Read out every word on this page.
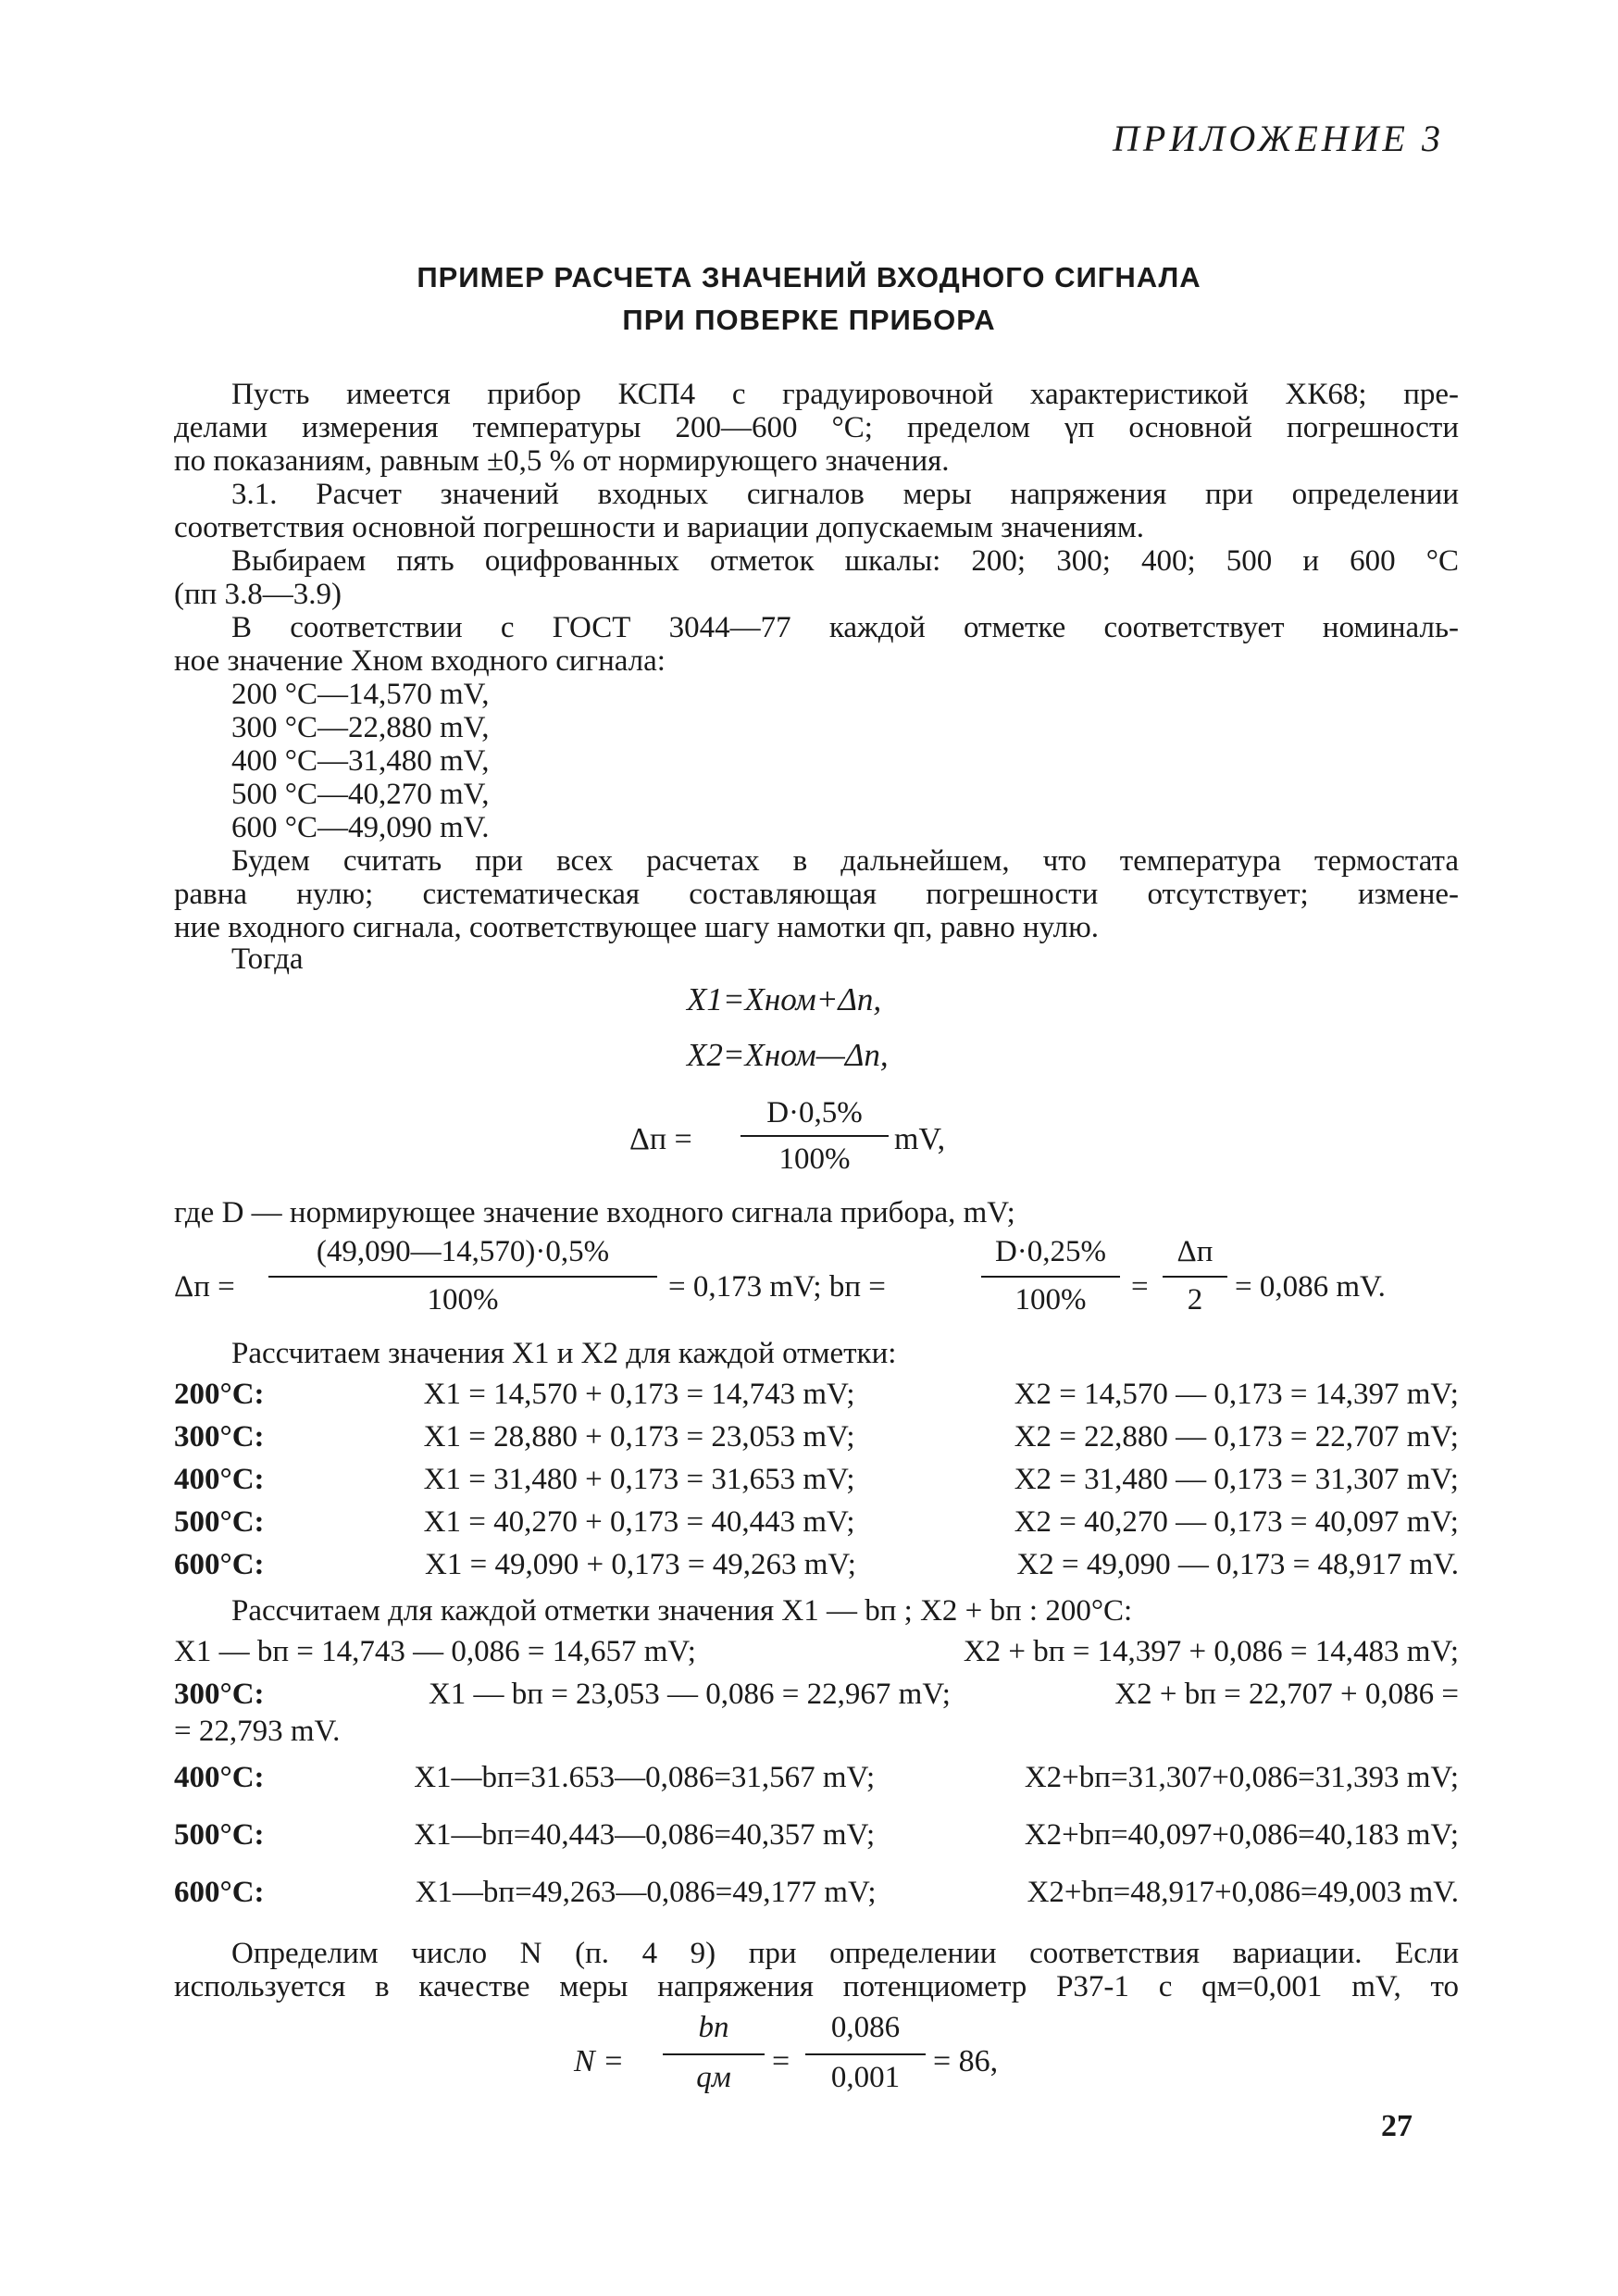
ПРИЛОЖЕНИЕ 3
ПРИМЕР РАСЧЕТА ЗНАЧЕНИЙ ВХОДНОГО СИГНАЛА
ПРИ ПОВЕРКЕ ПРИБОРА
Пусть имеется прибор КСП4 с градуировочной характеристикой ХК68; пре-
делами измерения температуры 200—600 °С; пределом γп основной погрешности
по показаниям, равным ±0,5 % от нормирующего значения.
3.1. Расчет значений входных сигналов меры напряжения при определении
соответствия основной погрешности и вариации допускаемым значениям.
Выбираем пять оцифрованных отметок шкалы: 200; 300; 400; 500 и 600 °С
(пп 3.8—3.9)
В соответствии с ГОСТ 3044—77 каждой отметке соответствует номиналь-
ное значение Xном входного сигнала:
200 °С—14,570 mV,
300 °С—22,880 mV,
400 °С—31,480 mV,
500 °С—40,270 mV,
600 °С—49,090 mV.
Будем считать при всех расчетах в дальнейшем, что температура термостата
равна нулю; систематическая составляющая погрешности отсутствует; измене-
ние входного сигнала, соответствующее шагу намотки qп, равно нулю.
Тогда
X1=Xном+Δп,
X2=Xном—Δп,
Δп =
D·0,5%
100%
mV,
где D — нормирующее значение входного сигнала прибора, mV;
Δп =
(49,090—14,570)·0,5%
100%	= 0,173 mV; bп =
D·0,25%
100%	=
Δп
2	= 0,086 mV.
Рассчитаем значения X1 и X2 для каждой отметки:
200°С:	X1 = 14,570 + 0,173 = 14,743 mV;	X2 = 14,570 — 0,173 = 14,397 mV;
300°С:	X1 = 28,880 + 0,173 = 23,053 mV;	X2 = 22,880 — 0,173 = 22,707 mV;
400°С:	X1 = 31,480 + 0,173 = 31,653 mV;	X2 = 31,480 — 0,173 = 31,307 mV;
500°С:	X1 = 40,270 + 0,173 = 40,443 mV;	X2 = 40,270 — 0,173 = 40,097 mV;
600°С:	X1 = 49,090 + 0,173 = 49,263 mV;	X2 = 49,090 — 0,173 = 48,917 mV.
Рассчитаем для каждой отметки значения X1 — bп ; X2 + bп : 200°С:
X1 — bп = 14,743 — 0,086 = 14,657 mV;	X2 + bп = 14,397 + 0,086 = 14,483 mV;
300°С:	X1 — bп = 23,053 — 0,086 = 22,967 mV;	X2 + bп = 22,707 + 0,086 =
= 22,793 mV.
400°С:	X1—bп=31.653—0,086=31,567 mV;	X2+bп=31,307+0,086=31,393 mV;
500°С:	X1—bп=40,443—0,086=40,357 mV;	X2+bп=40,097+0,086=40,183 mV;
600°С:	X1—bп=49,263—0,086=49,177 mV;	X2+bп=48,917+0,086=49,003 mV.
Определим число N (п. 4 9) при определении соответствия вариации. Если
используется в качестве меры напряжения потенциометр Р37-1 с qм=0,001 mV, то
N =
bп
qм	=
0,086
0,001	= 86,
27
